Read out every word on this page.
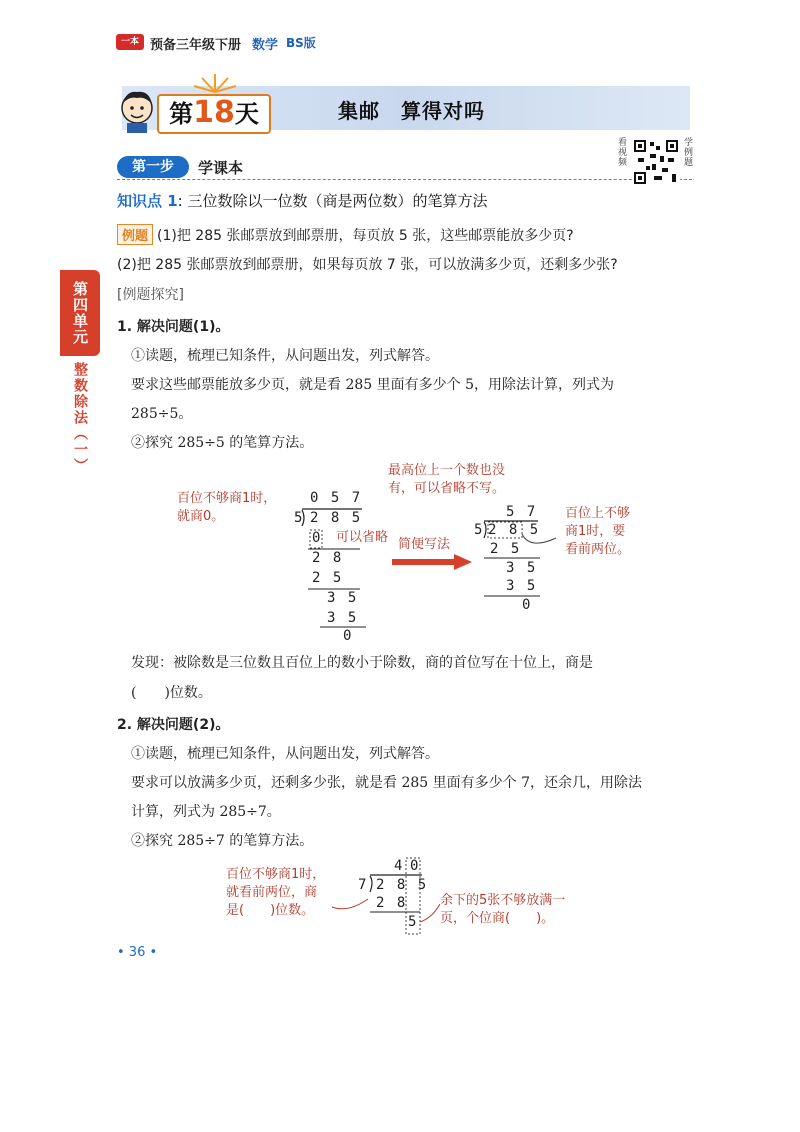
一本 预备三年级下册 数学 BS版
第18天	集邮　算得对吗
第一步	学课本
看视频
学例题
第四单元
整数除法（一）
知识点 1: 三位数除以一位数（商是两位数）的笔算方法
例题 (1)把 285 张邮票放到邮票册，每页放 5 张，这些邮票能放多少页?
(2)把 285 张邮票放到邮票册，如果每页放 7 张，可以放满多少页，还剩多少张?
[例题探究]
1. 解决问题(1)。
①读题，梳理已知条件，从问题出发，列式解答。
要求这些邮票能放多少页，就是看 285 里面有多少个 5，用除法计算，列式为
285÷5。
②探究 285÷5 的笔算方法。
最高位上一个数也没
有，可以省略不写。
百位不够商1时，
就商0。	百位上不够
商1时，要
看前两位。
0 5 7
5 2 8 5
0
2 8
2 5
3 5
3 5
0
可以省略 简便写法
5 7
5 2 8 5
2 5
3 5
3 5
0
发现：被除数是三位数且百位上的数小于除数，商的首位写在十位上，商是
(　　)位数。
2. 解决问题(2)。
①读题，梳理已知条件，从问题出发，列式解答。
要求可以放满多少页，还剩多少张，就是看 285 里面有多少个 7，还余几，用除法
计算，列式为 285÷7。
②探究 285÷7 的笔算方法。
百位不够商1时，
就看前两位，商
是(　　)位数。
余下的5张不够放满一
页，个位商(　　)。
4 0
7 2 8 5
2 8
5
• 36 •
